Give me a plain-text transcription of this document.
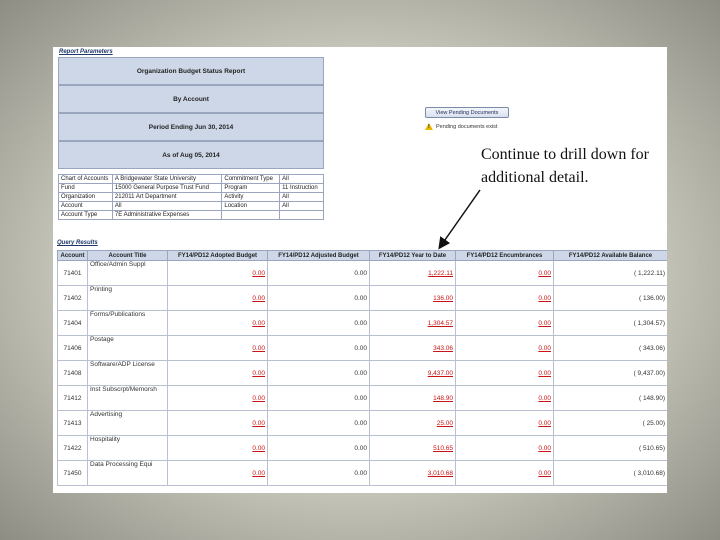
Report Parameters
Organization Budget Status Report
By Account
Period Ending Jun 30, 2014
As of Aug 05, 2014
Chart of Accounts	A Bridgewater State University	Commitment Type	All
Fund	15000 General Purpose Trust Fund	Program	11 Instruction
Organization	212011 Art Department	Activity	All
Account	All	Location	All
Account Type	7E Administrative Expenses		
View Pending Documents
!
Pending documents exist
Query Results
Account	Account Title	FY14/PD12 Adopted Budget	FY14/PD12 Adjusted Budget	FY14/PD12 Year to Date	FY14/PD12 Encumbrances	FY14/PD12 Available Balance
71401	Office/Admin Suppl	0.00	0.00	1,222.11	0.00	( 1,222.11)
71402	Printing	0.00	0.00	136.00	0.00	( 136.00)
71404	Forms/Publications	0.00	0.00	1,304.57	0.00	( 1,304.57)
71406	Postage	0.00	0.00	343.06	0.00	( 343.06)
71408	Software/ADP License	0.00	0.00	9,437.00	0.00	( 9,437.00)
71412	Inst Subscrpt/Memorsh	0.00	0.00	148.90	0.00	( 148.90)
71413	Advertising	0.00	0.00	25.00	0.00	( 25.00)
71422	Hospitality	0.00	0.00	510.65	0.00	( 510.65)
71450	Data Processing Equi	0.00	0.00	3,010.68	0.00	( 3,010.68)
Continue to drill down for
additional detail.
